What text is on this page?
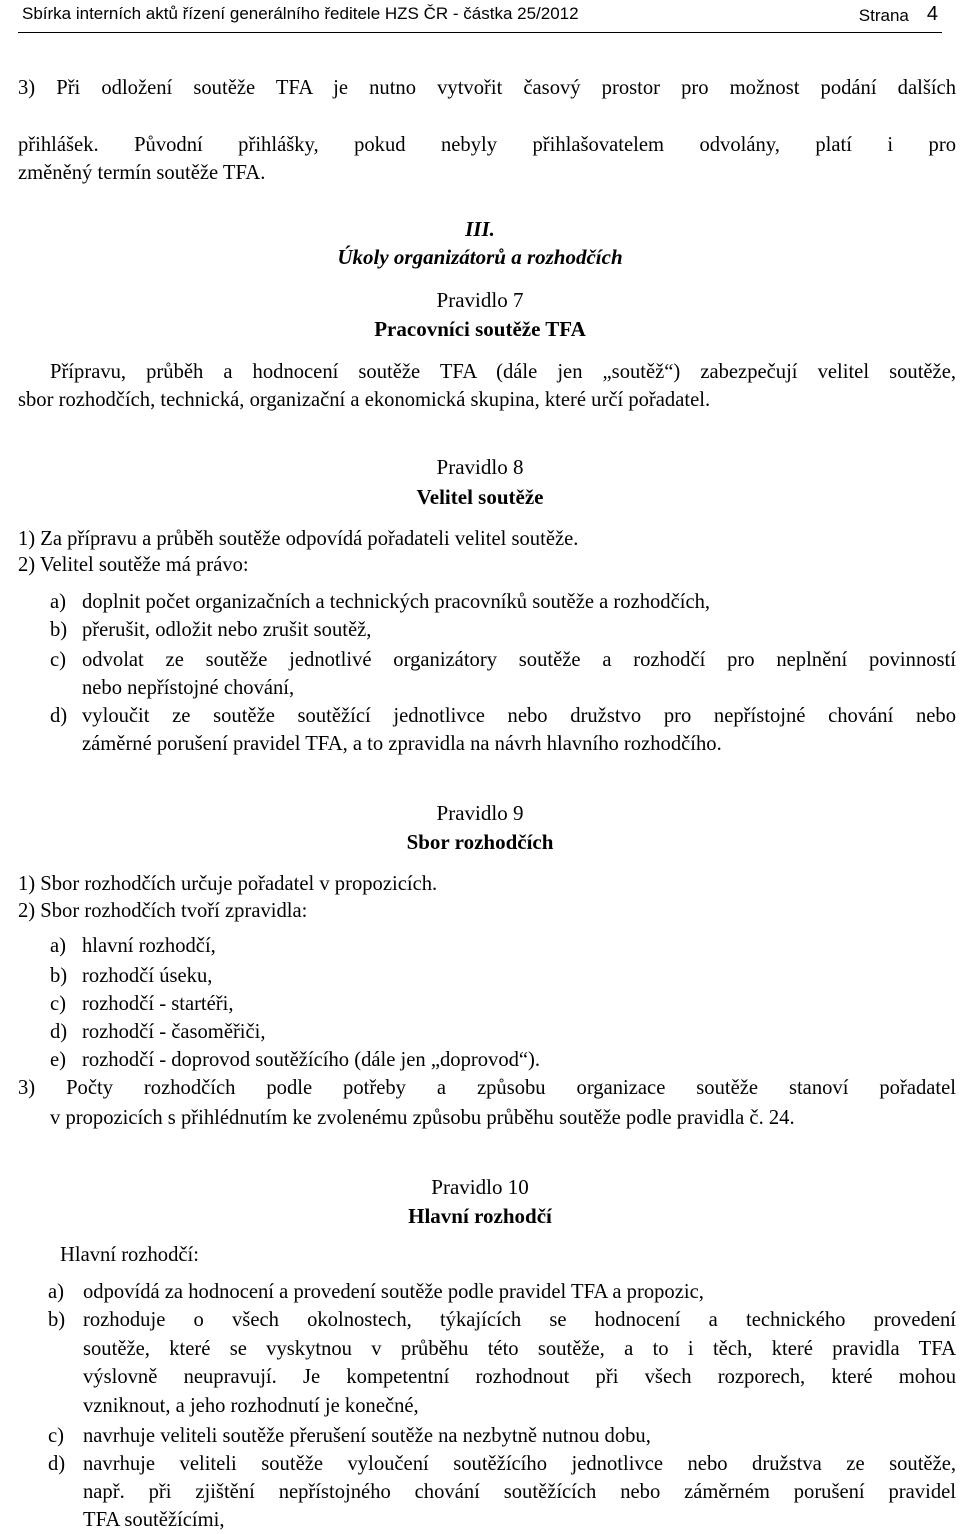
Sbírka interních aktů řízení generálního ředitele HZS ČR - částka 25/2012	Strana 4
3) Při odložení soutěže TFA je nutno vytvořit časový prostor pro možnost podání dalších
přihlášek. Původní přihlášky, pokud nebyly přihlašovatelem odvolány, platí i pro
změněný termín soutěže TFA.
III.
Úkoly organizátorů a rozhodčích
Pravidlo 7
Pracovníci soutěže TFA
Přípravu, průběh a hodnocení soutěže TFA (dále jen „soutěž“) zabezpečují velitel soutěže,
sbor rozhodčích, technická, organizační a ekonomická skupina, které určí pořadatel.
Pravidlo 8
Velitel soutěže
1) Za přípravu a průběh soutěže odpovídá pořadateli velitel soutěže.
2) Velitel soutěže má právo:
a) doplnit počet organizačních a technických pracovníků soutěže a rozhodčích,
b) přerušit, odložit nebo zrušit soutěž,
c) odvolat ze soutěže jednotlivé organizátory soutěže a rozhodčí pro neplnění povinností
nebo nepřístojné chování,
d) vyloučit ze soutěže soutěžící jednotlivce nebo družstvo pro nepřístojné chování nebo
záměrné porušení pravidel TFA, a to zpravidla na návrh hlavního rozhodčího.
Pravidlo 9
Sbor rozhodčích
1) Sbor rozhodčích určuje pořadatel v propozicích.
2) Sbor rozhodčích tvoří zpravidla:
a) hlavní rozhodčí,
b) rozhodčí úseku,
c) rozhodčí - startéři,
d) rozhodčí - časoměřiči,
e) rozhodčí - doprovod soutěžícího (dále jen „doprovod“).
3) Počty rozhodčích podle potřeby a způsobu organizace soutěže stanoví pořadatel
v propozicích s přihlédnutím ke zvolenému způsobu průběhu soutěže podle pravidla č. 24.
Pravidlo 10
Hlavní rozhodčí
Hlavní rozhodčí:
a) odpovídá za hodnocení a provedení soutěže podle pravidel TFA a propozic,
b) rozhoduje o všech okolnostech, týkajících se hodnocení a technického provedení
soutěže, které se vyskytnou v průběhu této soutěže, a to i těch, které pravidla TFA
výslovně neupravují. Je kompetentní rozhodnout při všech rozporech, které mohou
vzniknout, a jeho rozhodnutí je konečné,
c) navrhuje veliteli soutěže přerušení soutěže na nezbytně nutnou dobu,
d) navrhuje veliteli soutěže vyloučení soutěžícího jednotlivce nebo družstva ze soutěže,
např. při zjištění nepřístojného chování soutěžících nebo záměrném porušení pravidel
TFA soutěžícími,
